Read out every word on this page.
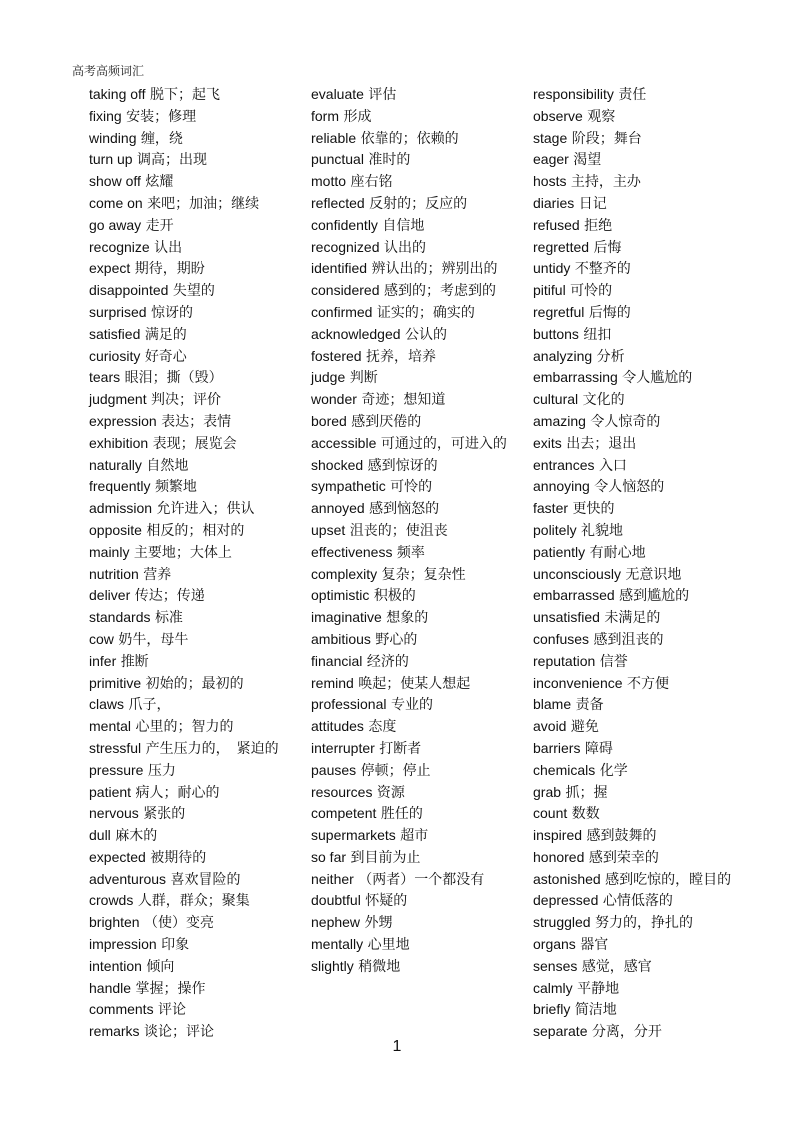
高考高频词汇
taking off 脱下；起飞
fixing 安装；修理
winding 缠，绕
turn up 调高；出现
show off 炫耀
come on 来吧；加油；继续
go away 走开
recognize 认出
expect 期待，期盼
disappointed 失望的
surprised 惊讶的
satisfied 满足的
curiosity 好奇心
tears 眼泪；撕（毁）
judgment 判决；评价
expression 表达；表情
exhibition 表现；展览会
naturally 自然地
frequently 频繁地
admission 允许进入；供认
opposite 相反的；相对的
mainly 主要地；大体上
nutrition 营养
deliver 传达；传递
standards 标准
cow 奶牛，母牛
infer 推断
primitive 初始的；最初的
claws 爪子，
mental 心里的；智力的
stressful 产生压力的，　紧迫的
pressure 压力
patient 病人；耐心的
nervous 紧张的
dull 麻木的
expected 被期待的
adventurous 喜欢冒险的
crowds 人群，群众；聚集
brighten （使）变亮
impression 印象
intention 倾向
handle 掌握；操作
comments 评论
remarks 谈论；评论
evaluate 评估
form 形成
reliable 依靠的；依赖的
punctual 准时的
motto 座右铭
reflected 反射的；反应的
confidently 自信地
recognized 认出的
identified 辨认出的；辨别出的
considered 感到的；考虑到的
confirmed 证实的；确实的
acknowledged 公认的
fostered 抚养，培养
judge 判断
wonder 奇迹；想知道
bored 感到厌倦的
accessible 可通过的，可进入的
shocked 感到惊讶的
sympathetic 可怜的
annoyed 感到恼怒的
upset 沮丧的；使沮丧
effectiveness 频率
complexity 复杂；复杂性
optimistic 积极的
imaginative 想象的
ambitious 野心的
financial 经济的
remind 唤起；使某人想起
professional 专业的
attitudes 态度
interrupter 打断者
pauses 停顿；停止
resources 资源
competent 胜任的
supermarkets 超市
so far 到目前为止
neither （两者）一个都没有
doubtful 怀疑的
nephew 外甥
mentally 心里地
slightly 稍微地
responsibility 责任
observe 观察
stage 阶段；舞台
eager 渴望
hosts 主持，主办
diaries 日记
refused 拒绝
regretted 后悔
untidy 不整齐的
pitiful 可怜的
regretful 后悔的
buttons 纽扣
analyzing 分析
embarrassing 令人尴尬的
cultural 文化的
amazing 令人惊奇的
exits 出去；退出
entrances 入口
annoying 令人恼怒的
faster 更快的
politely 礼貌地
patiently 有耐心地
unconsciously 无意识地
embarrassed 感到尴尬的
unsatisfied 未满足的
confuses 感到沮丧的
reputation 信誉
inconvenience 不方便
blame 责备
avoid 避免
barriers 障碍
chemicals 化学
grab 抓；握
count 数数
inspired 感到鼓舞的
honored 感到荣幸的
astonished 感到吃惊的，瞠目的
depressed 心情低落的
struggled 努力的，挣扎的
organs 器官
senses 感觉，感官
calmly 平静地
briefly 简洁地
separate 分离，分开
1
